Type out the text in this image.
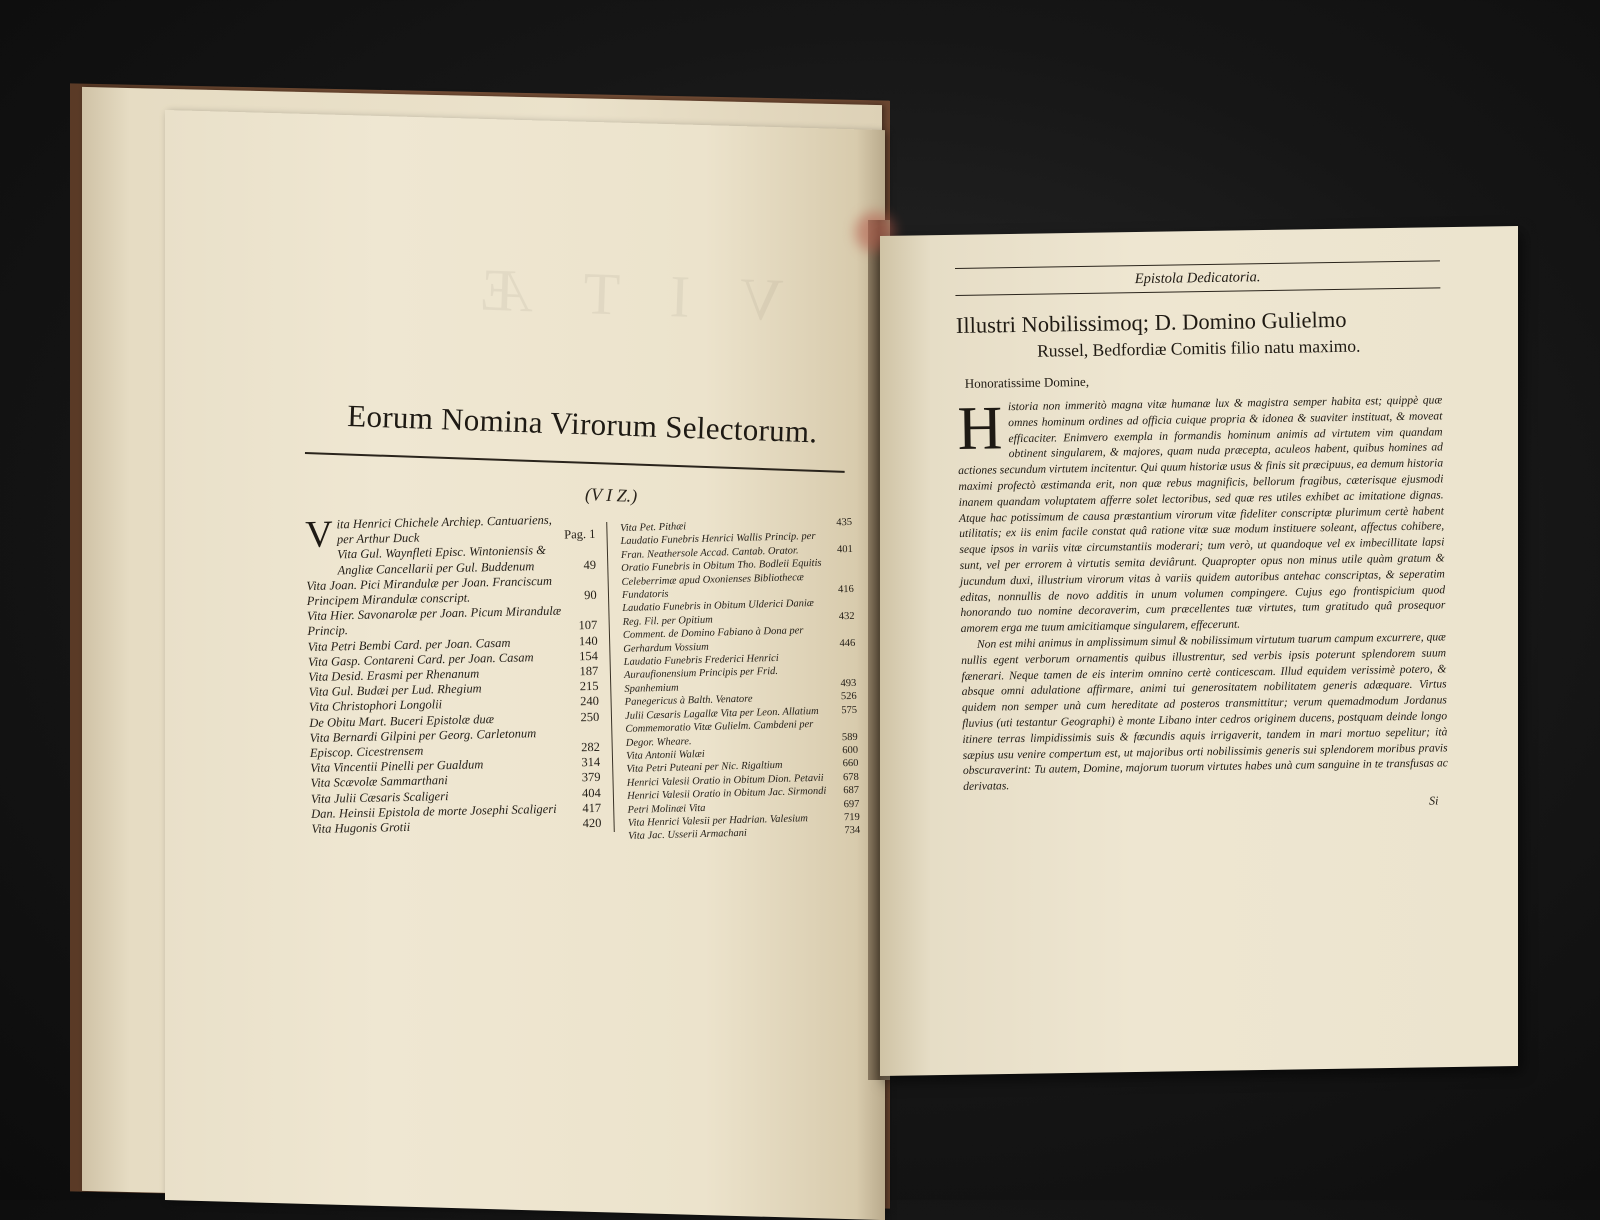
VITÆ
Eorum Nomina Virorum Selectorum.
(V I Z.)
V ita Henrici Chichele Archiep. Cantuariens, per Arthur Duck	Pag. 1
Vita Gul. Waynfleti Episc. Wintoniensis & Angliæ Cancellarii per Gul. Buddenum	49
Vita Joan. Pici Mirandulæ per Joan. Franciscum Principem Mirandulæ conscript.	90
Vita Hier. Savonarolæ per Joan. Picum Mirandulæ Princip.	107
Vita Petri Bembi Card. per Joan. Casam	140
Vita Gasp. Contareni Card. per Joan. Casam	154
Vita Desid. Erasmi per Rhenanum	187
Vita Gul. Budæi per Lud. Rhegium	215
Vita Christophori Longolii	240
De Obitu Mart. Buceri Epistolæ duæ	250
Vita Bernardi Gilpini per Georg. Carletonum Episcop. Cicestrensem	282
Vita Vincentii Pinelli per Gualdum	314
Vita Scævolæ Sammarthani	379
Vita Julii Cæsaris Scaligeri	404
Dan. Heinsii Epistola de morte Josephi Scaligeri	417
Vita Hugonis Grotii	420
Vita Pet. Pithæi	435
Laudatio Funebris Henrici Wallis Princip. per Fran. Neathersole Accad. Cantab. Orator.	401
Oratio Funebris in Obitum Tho. Bodleii Equitis Celeberrimæ apud Oxonienses Bibliothecæ Fundatoris	416
Laudatio Funebris in Obitum Ulderici Daniæ Reg. Fil. per Opitium	432
Comment. de Domino Fabiano à Dona per Gerhardum Vossium	446
Laudatio Funebris Frederici Henrici Auraufionensium Principis per Frid. Spanhemium	493
Panegericus à Balth. Venatore	526
Julii Cæsaris Lagallæ Vita per Leon. Allatium	575
Commemoratio Vitæ Gulielm. Cambdeni per Degor. Wheare.	589
Vita Antonii Walæi	600
Vita Petri Puteani per Nic. Rigaltium	660
Henrici Valesii Oratio in Obitum Dion. Petavii	678
Henrici Valesii Oratio in Obitum Jac. Sirmondi	687
Petri Molinæi Vita	697
Vita Henrici Valesii per Hadrian. Valesium	719
Vita Jac. Usserii Armachani	734
Epistola Dedicatoria.
Illustri Nobilissimoq; D. Domino Gulielmo
Russel, Bedfordiæ Comitis filio natu maximo.
Honoratissime Domine,

Historia non immeritò magna vitæ humanæ lux & magistra semper habita est; quippè quæ omnes hominum ordines ad officia cuique propria & idonea & suaviter instituat, & moveat efficaciter. Enimvero exempla in formandis hominum animis ad virtutem vim quandam obtinent singularem, & majores, quam nuda præcepta, aculeos habent, quibus homines ad actiones secundum virtutem incitentur. Qui quum historiæ usus & finis sit præcipuus, ea demum historia maximi profectò æstimanda erit, non quæ rebus magnificis, bellorum fragibus, cæterisque ejusmodi inanem quandam voluptatem afferre solet lectoribus, sed quæ res utiles exhibet ac imitatione dignas. Atque hac potissimum de causa præstantium virorum vitæ fideliter conscriptæ plurimum certè habent utilitatis; ex iis enim facile constat quâ ratione vitæ suæ modum instituere soleant, affectus cohibere, seque ipsos in variis vitæ circumstantiis moderari; tum verò, ut quandoque vel ex imbecillitate lapsi sunt, vel per errorem à virtutis semita deviârunt. Quapropter opus non minus utile quàm gratum & jucundum duxi, illustrium virorum vitas à variis quidem autoribus antehac conscriptas, & seperatim editas, nonnullis de novo additis in unum volumen compingere. Cujus ego frontispicium quod honorando tuo nomine decoraverim, cum præcellentes tuæ virtutes, tum gratitudo quâ prosequor amorem erga me tuum amicitiamque singularem, effecerunt.

Non est mihi animus in amplissimum simul & nobilissimum virtutum tuarum campum excurrere, quæ nullis egent verborum ornamentis quibus illustrentur, sed verbis ipsis poterunt splendorem suum fænerari. Neque tamen de eis interim omnino certè conticescam. Illud equidem verissimè potero, & absque omni adulatione affirmare, animi tui generositatem nobilitatem generis adæquare. Virtus quidem non semper unà cum hereditate ad posteros transmittitur; verum quemadmodum Jordanus fluvius (uti testantur Geographi) è monte Libano inter cedros originem ducens, postquam deinde longo itinere terras limpidissimis suis & fœcundis aquis irrigaverit, tandem in mari mortuo sepelitur; ità sæpius usu venire compertum est, ut majoribus orti nobilissimis generis sui splendorem moribus pravis obscuraverint: Tu autem, Domine, majorum tuorum virtutes habes unà cum sanguine in te transfusas ac derivatas.

Si
